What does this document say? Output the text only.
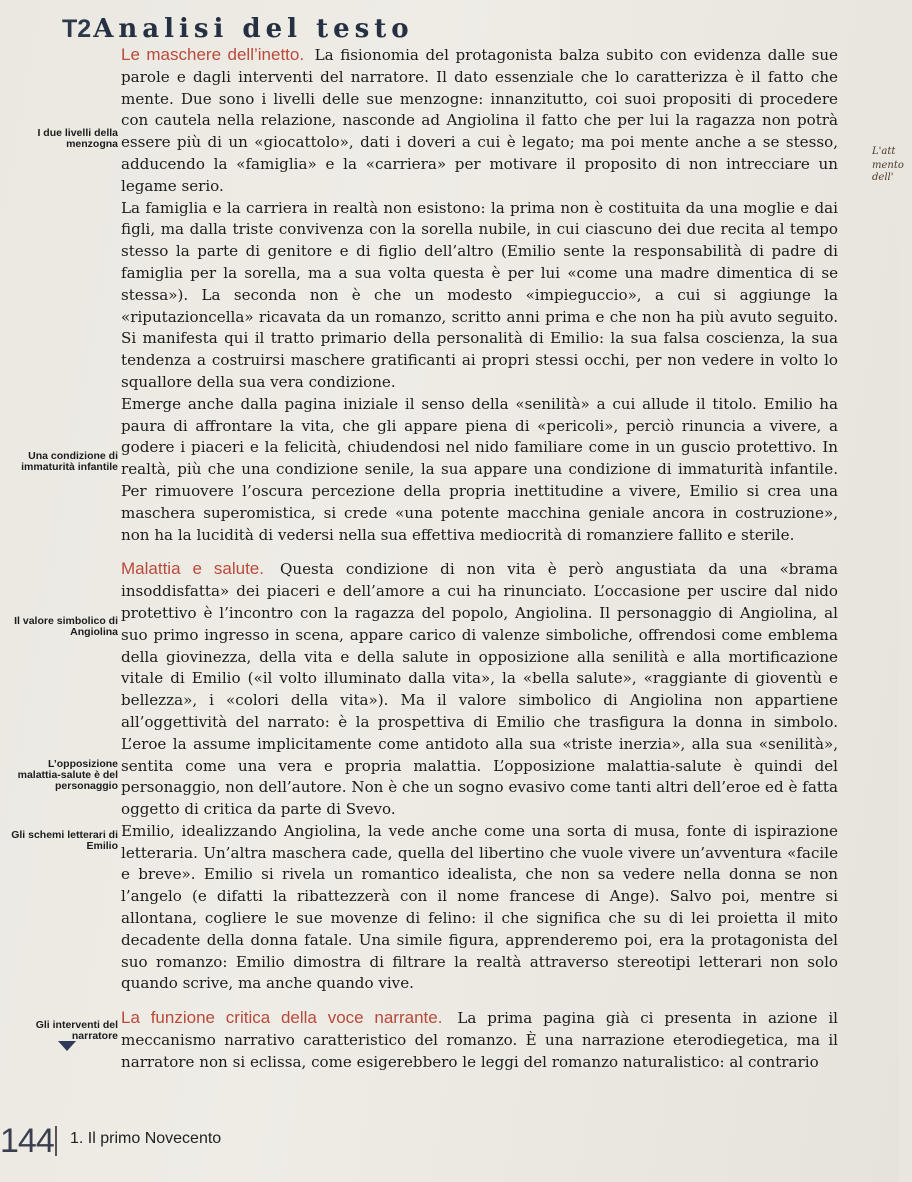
T2 Analisi del testo

Le maschere dell’inetto. La fisionomia del protagonista balza subito con evidenza dalle sue parole e dagli interventi del narratore. Il dato essenziale che lo caratterizza è il fatto che mente. Due sono i livelli delle sue menzogne: innanzitutto, coi suoi propositi di procedere con cautela nella relazione, nasconde ad Angiolina il fatto che per lui la ragazza non potrà essere più di un «giocattolo», dati i doveri a cui è legato; ma poi mente anche a se stesso, adducendo la «famiglia» e la «carriera» per motivare il proposito di non intrecciare un legame serio.

La famiglia e la carriera in realtà non esistono: la prima non è costituita da una moglie e dai figli, ma dalla triste convivenza con la sorella nubile, in cui ciascuno dei due recita al tempo stesso la parte di genitore e di figlio dell’altro (Emilio sente la responsabilità di padre di famiglia per la sorella, ma a sua volta questa è per lui «come una madre dimentica di se stessa»). La seconda non è che un modesto «impieguccio», a cui si aggiunge la «riputazioncella» ricavata da un romanzo, scritto anni prima e che non ha più avuto seguito. Si manifesta qui il tratto primario della personalità di Emilio: la sua falsa coscienza, la sua tendenza a costruirsi maschere gratificanti ai propri stessi occhi, per non vedere in volto lo squallore della sua vera condizione.

Emerge anche dalla pagina iniziale il senso della «senilità» a cui allude il titolo. Emilio ha paura di affrontare la vita, che gli appare piena di «pericoli», perciò rinuncia a vivere, a godere i piaceri e la felicità, chiudendosi nel nido familiare come in un guscio protettivo. In realtà, più che una condizione senile, la sua appare una condizione di immaturità infantile. Per rimuovere l’oscura percezione della propria inettitudine a vivere, Emilio si crea una maschera superomistica, si crede «una potente macchina geniale ancora in costruzione», non ha la lucidità di vedersi nella sua effettiva mediocrità di romanziere fallito e sterile.

Malattia e salute. Questa condizione di non vita è però angustiata da una «brama insoddisfatta» dei piaceri e dell’amore a cui ha rinunciato. L’occasione per uscire dal nido protettivo è l’incontro con la ragazza del popolo, Angiolina. Il personaggio di Angiolina, al suo primo ingresso in scena, appare carico di valenze simboliche, offrendosi come emblema della giovinezza, della vita e della salute in opposizione alla senilità e alla mortificazione vitale di Emilio («il volto illuminato dalla vita», la «bella salute», «raggiante di gioventù e bellezza», i «colori della vita»). Ma il valore simbolico di Angiolina non appartiene all’oggettività del narrato: è la prospettiva di Emilio che trasfigura la donna in simbolo. L’eroe la assume implicitamente come antidoto alla sua «triste inerzia», alla sua «senilità», sentita come una vera e propria malattia. L’opposizione malattia-salute è quindi del personaggio, non dell’autore. Non è che un sogno evasivo come tanti altri dell’eroe ed è fatta oggetto di critica da parte di Svevo.

Emilio, idealizzando Angiolina, la vede anche come una sorta di musa, fonte di ispirazione letteraria. Un’altra maschera cade, quella del libertino che vuole vivere un’avventura «facile e breve». Emilio si rivela un romantico idealista, che non sa vedere nella donna se non l’angelo (e difatti la ribattezzerà con il nome francese di Ange). Salvo poi, mentre si allontana, cogliere le sue movenze di felino: il che significa che su di lei proietta il mito decadente della donna fatale. Una simile figura, apprenderemo poi, era la protagonista del suo romanzo: Emilio dimostra di filtrare la realtà attraverso stereotipi letterari non solo quando scrive, ma anche quando vive.

La funzione critica della voce narrante. La prima pagina già ci presenta in azione il meccanismo narrativo caratteristico del romanzo. È una narrazione eterodiegetica, ma il narratore non si eclissa, come esigerebbero le leggi del romanzo naturalistico: al contrario

I due livelli della menzogna
Una condizione di immaturità infantile
Il valore simbolico di Angiolina
L’opposizione malattia-salute è del personaggio
Gli schemi letterari di Emilio
Gli interventi del narratore
L'att
mento
dell'
144 1. Il primo Novecento
